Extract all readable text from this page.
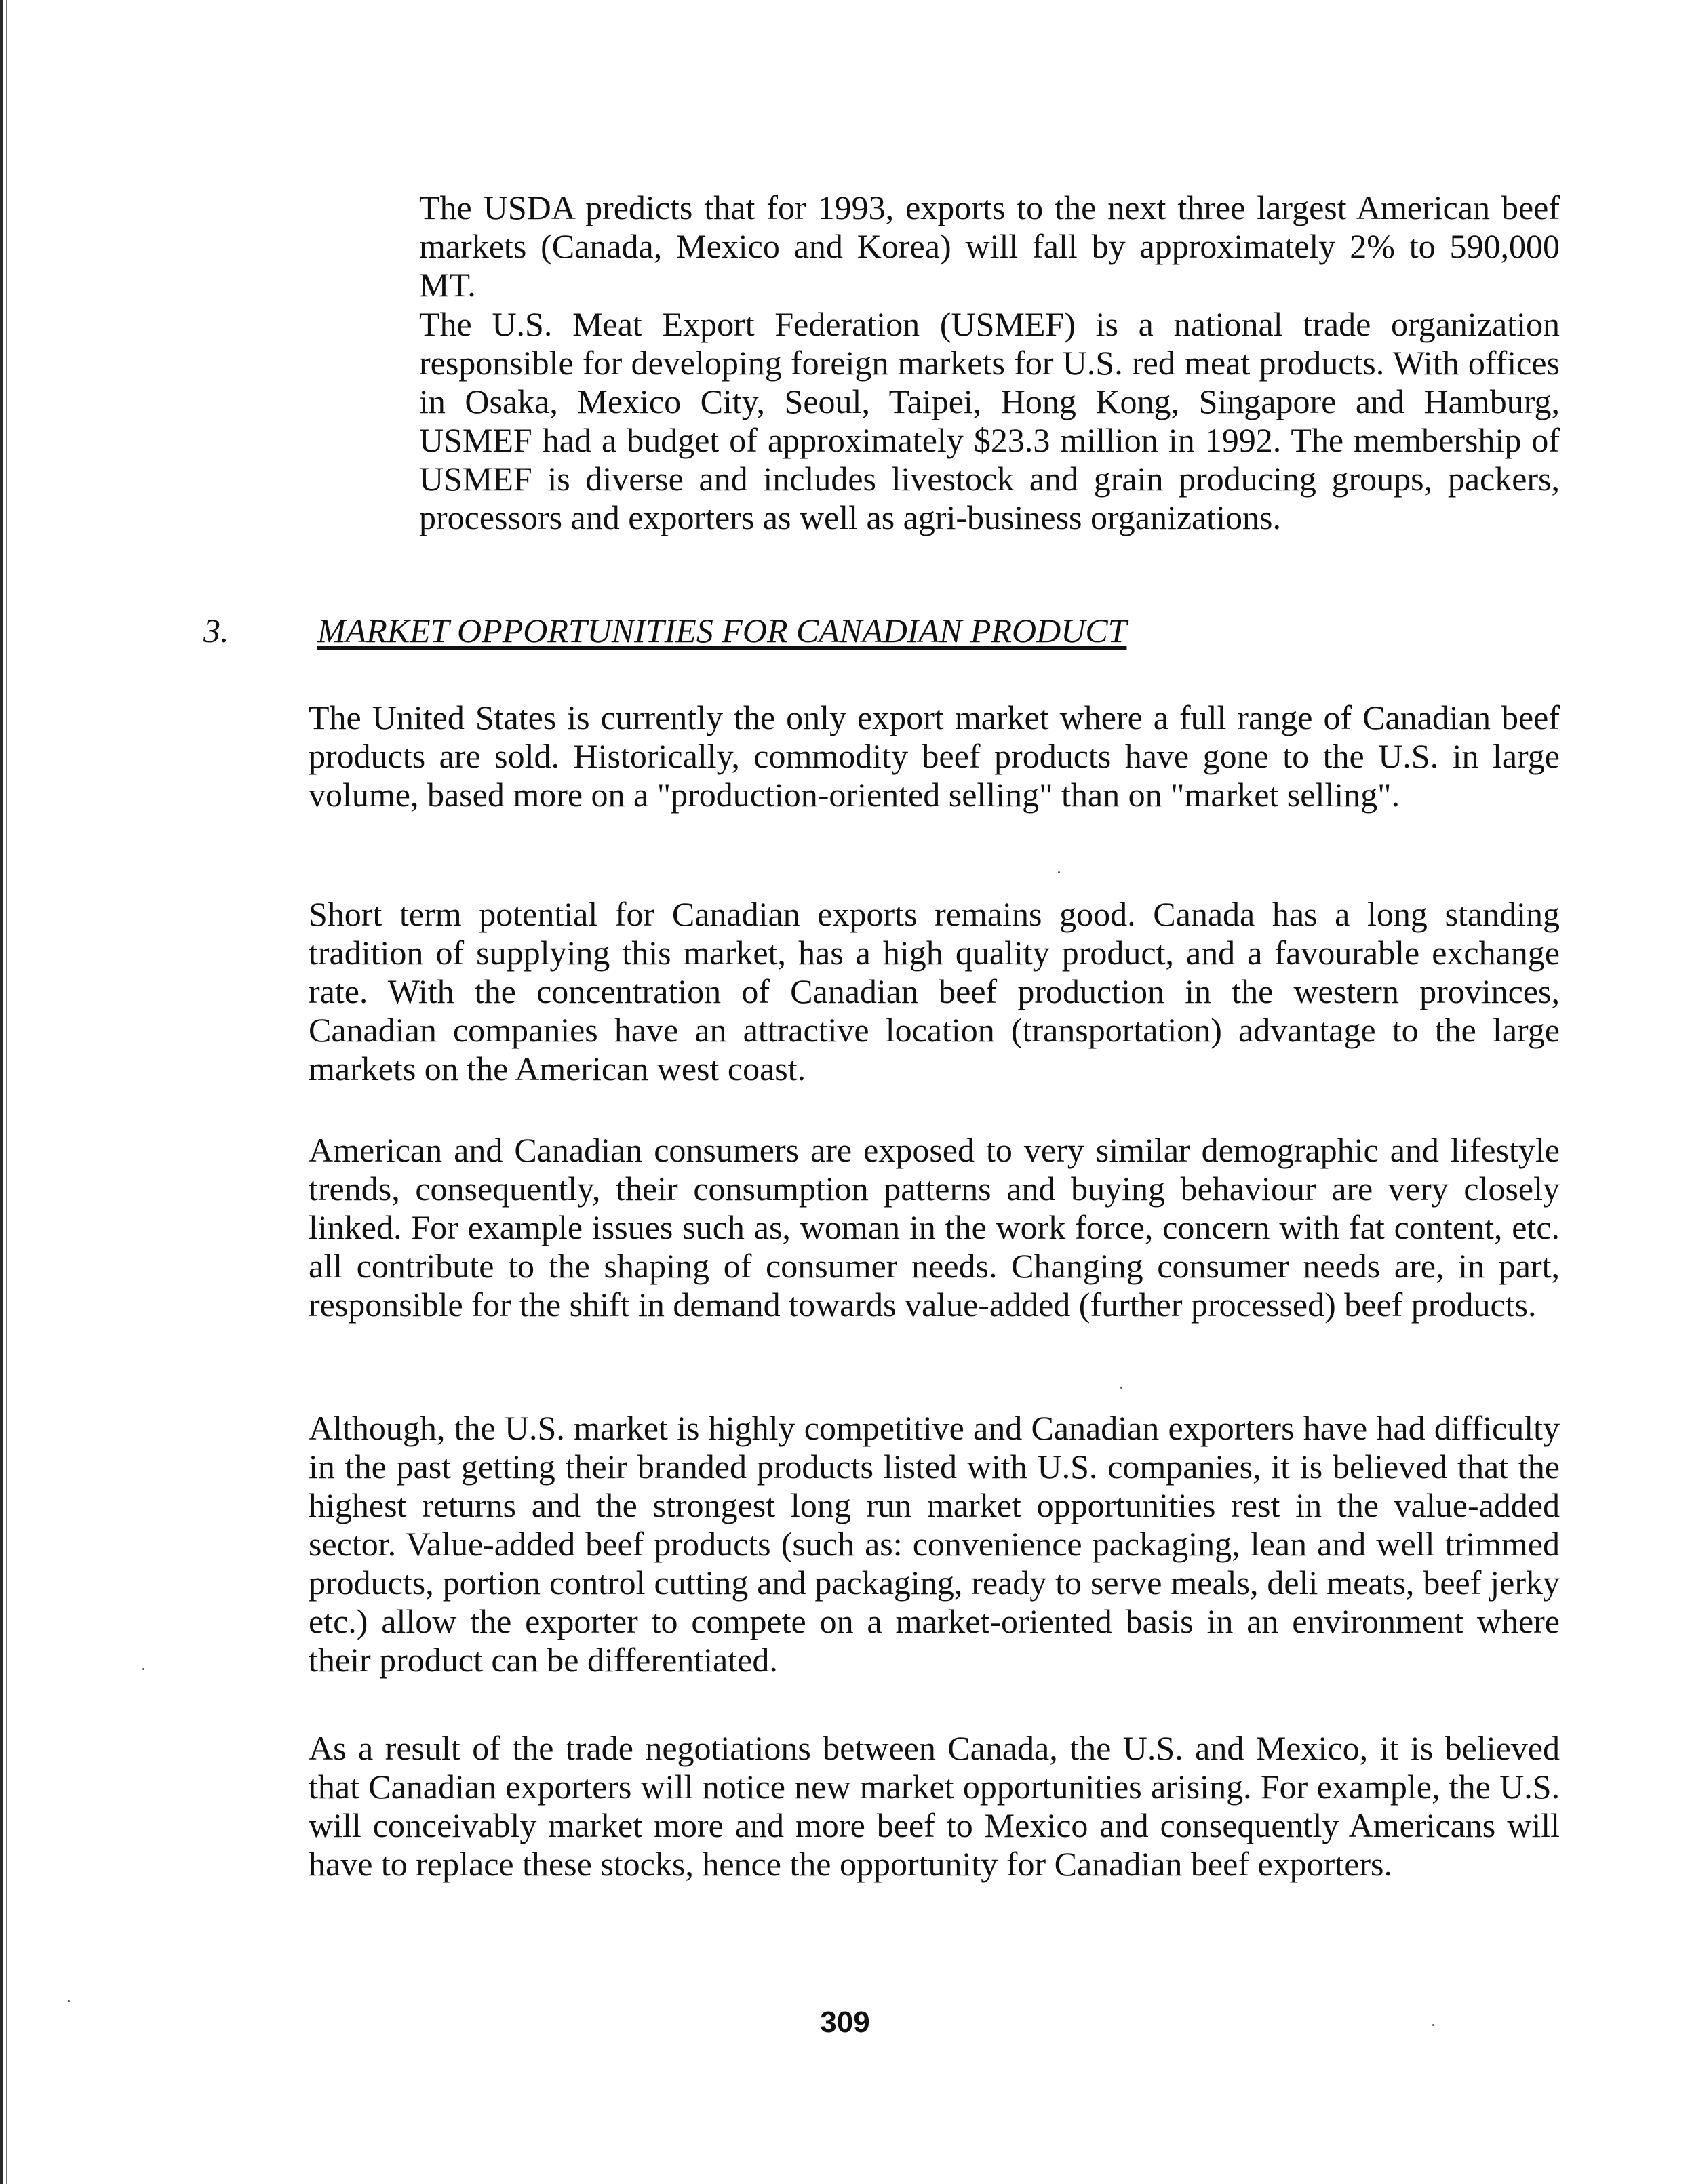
The USDA predicts that for 1993, exports to the next three largest American beef markets (Canada, Mexico and Korea) will fall by approximately 2% to 590,000 MT.

The U.S. Meat Export Federation (USMEF) is a national trade organization responsible for developing foreign markets for U.S. red meat products. With offices in Osaka, Mexico City, Seoul, Taipei, Hong Kong, Singapore and Hamburg, USMEF had a budget of approximately $23.3 million in 1992. The membership of USMEF is diverse and includes livestock and grain producing groups, packers, processors and exporters as well as agri-business organizations.

3.	MARKET OPPORTUNITIES FOR CANADIAN PRODUCT

The United States is currently the only export market where a full range of Canadian beef products are sold. Historically, commodity beef products have gone to the U.S. in large volume, based more on a "production-oriented selling" than on "market selling".

Short term potential for Canadian exports remains good. Canada has a long standing tradition of supplying this market, has a high quality product, and a favourable exchange rate. With the concentration of Canadian beef production in the western provinces, Canadian companies have an attractive location (transportation) advantage to the large markets on the American west coast.

American and Canadian consumers are exposed to very similar demographic and lifestyle trends, consequently, their consumption patterns and buying behaviour are very closely linked. For example issues such as, woman in the work force, concern with fat content, etc. all contribute to the shaping of consumer needs. Changing consumer needs are, in part, responsible for the shift in demand towards value-added (further processed) beef products.

Although, the U.S. market is highly competitive and Canadian exporters have had difficulty in the past getting their branded products listed with U.S. companies, it is believed that the highest returns and the strongest long run market opportunities rest in the value-added sector. Value-added beef products (such as: convenience packaging, lean and well trimmed products, portion control cutting and packaging, ready to serve meals, deli meats, beef jerky etc.) allow the exporter to compete on a market-oriented basis in an environment where their product can be differentiated.

As a result of the trade negotiations between Canada, the U.S. and Mexico, it is believed that Canadian exporters will notice new market opportunities arising. For example, the U.S. will conceivably market more and more beef to Mexico and consequently Americans will have to replace these stocks, hence the opportunity for Canadian beef exporters.

309
